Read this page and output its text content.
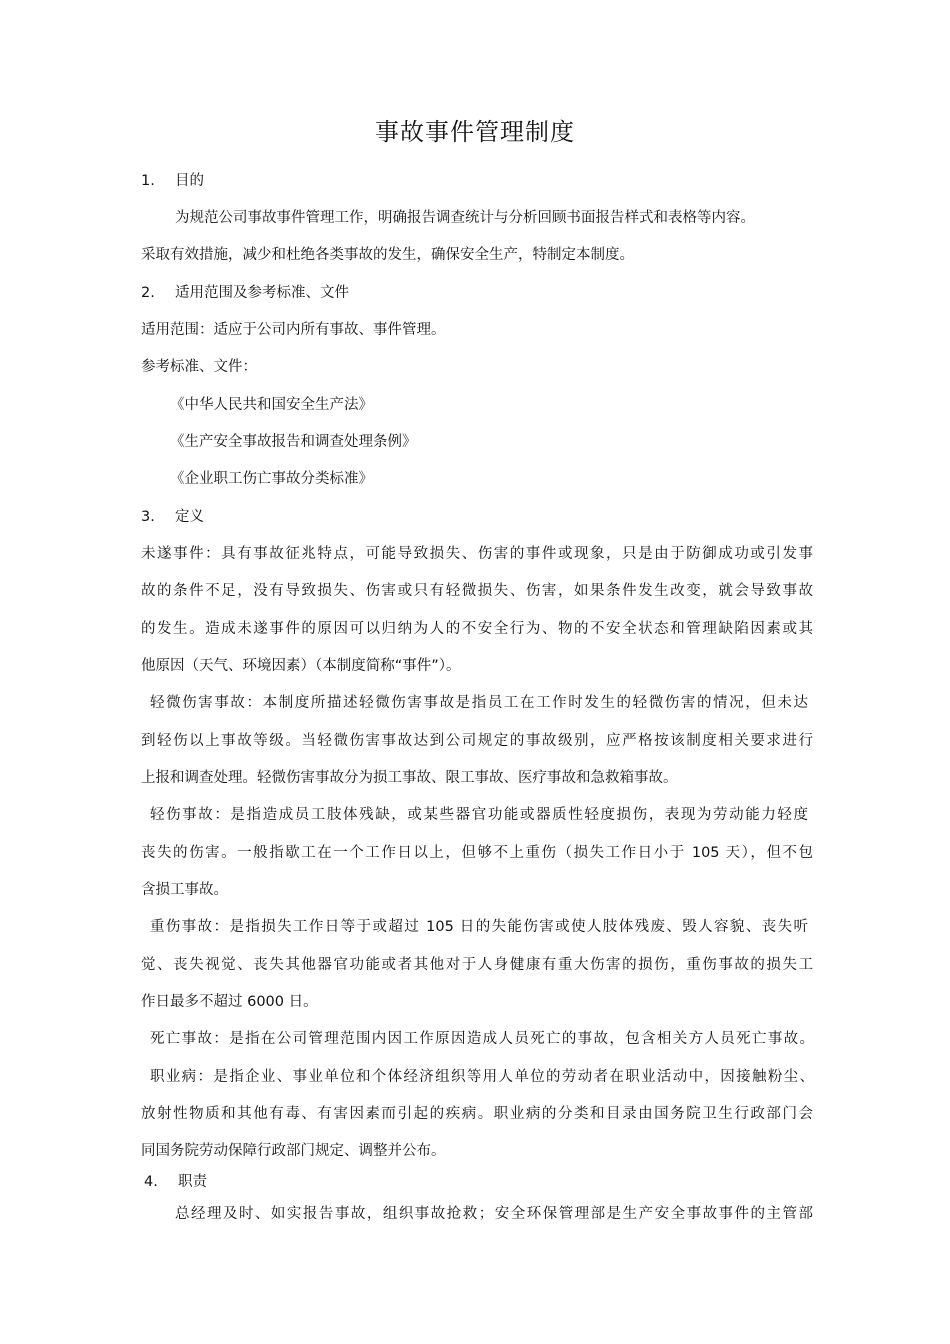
事故事件管理制度
1. 目的
为规范公司事故事件管理工作，明确报告调查统计与分析回顾书面报告样式和表格等内容。
采取有效措施，减少和杜绝各类事故的发生，确保安全生产，特制定本制度。
2. 适用范围及参考标准、文件
适用范围：适应于公司内所有事故、事件管理。
参考标准、文件：
《中华人民共和国安全生产法》
《生产安全事故报告和调查处理条例》
《企业职工伤亡事故分类标准》
3. 定义
未遂事件：具有事故征兆特点，可能导致损失、伤害的事件或现象，只是由于防御成功或引发事
故的条件不足，没有导致损失、伤害或只有轻微损失、伤害，如果条件发生改变，就会导致事故
的发生。造成未遂事件的原因可以归纳为人的不安全行为、物的不安全状态和管理缺陷因素或其
他原因（天气、环境因素）（本制度简称“事件”）。
轻微伤害事故：本制度所描述轻微伤害事故是指员工在工作时发生的轻微伤害的情况，但未达
到轻伤以上事故等级。当轻微伤害事故达到公司规定的事故级别，应严格按该制度相关要求进行
上报和调查处理。轻微伤害事故分为损工事故、限工事故、医疗事故和急救箱事故。
轻伤事故：是指造成员工肢体残缺，或某些器官功能或器质性轻度损伤，表现为劳动能力轻度
丧失的伤害。一般指歇工在一个工作日以上，但够不上重伤（损失工作日小于 105 天），但不包
含损工事故。
重伤事故：是指损失工作日等于或超过 105 日的失能伤害或使人肢体残废、毁人容貌、丧失听
觉、丧失视觉、丧失其他器官功能或者其他对于人身健康有重大伤害的损伤，重伤事故的损失工
作日最多不超过 6000 日。
死亡事故：是指在公司管理范围内因工作原因造成人员死亡的事故，包含相关方人员死亡事故。
职业病：是指企业、事业单位和个体经济组织等用人单位的劳动者在职业活动中，因接触粉尘、
放射性物质和其他有毒、有害因素而引起的疾病。职业病的分类和目录由国务院卫生行政部门会
同国务院劳动保障行政部门规定、调整并公布。
4. 职责
总经理及时、如实报告事故，组织事故抢救；安全环保管理部是生产安全事故事件的主管部
